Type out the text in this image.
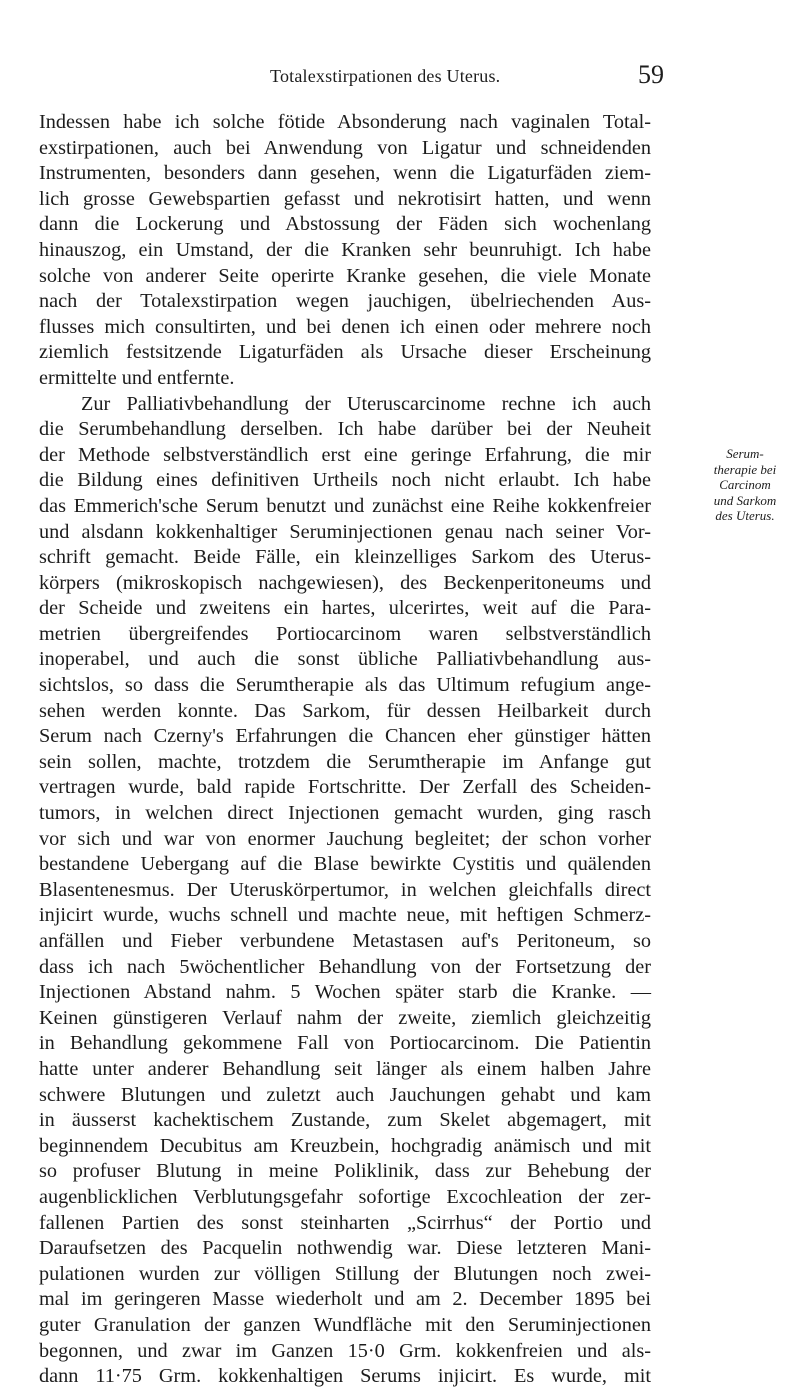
Totalexstirpationen des Uterus.	59
Indessen habe ich solche fötide Absonderung nach vaginalen Total-
exstirpationen, auch bei Anwendung von Ligatur und schneidenden
Instrumenten, besonders dann gesehen, wenn die Ligaturfäden ziem-
lich grosse Gewebspartien gefasst und nekrotisirt hatten, und wenn
dann die Lockerung und Abstossung der Fäden sich wochenlang
hinauszog, ein Umstand, der die Kranken sehr beunruhigt. Ich habe
solche von anderer Seite operirte Kranke gesehen, die viele Monate
nach der Totalexstirpation wegen jauchigen, übelriechenden Aus-
flusses mich consultirten, und bei denen ich einen oder mehrere noch
ziemlich festsitzende Ligaturfäden als Ursache dieser Erscheinung
ermittelte und entfernte.
Zur Palliativbehandlung der Uteruscarcinome rechne ich auch
die Serumbehandlung derselben. Ich habe darüber bei der Neuheit
der Methode selbstverständlich erst eine geringe Erfahrung, die mir
die Bildung eines definitiven Urtheils noch nicht erlaubt. Ich habe
das Emmerich'sche Serum benutzt und zunächst eine Reihe kokkenfreier
und alsdann kokkenhaltiger Seruminjectionen genau nach seiner Vor-
schrift gemacht. Beide Fälle, ein kleinzelliges Sarkom des Uterus-
körpers (mikroskopisch nachgewiesen), des Beckenperitoneums und
der Scheide und zweitens ein hartes, ulcerirtes, weit auf die Para-
metrien übergreifendes Portiocarcinom waren selbstverständlich
inoperabel, und auch die sonst übliche Palliativbehandlung aus-
sichtslos, so dass die Serumtherapie als das Ultimum refugium ange-
sehen werden konnte. Das Sarkom, für dessen Heilbarkeit durch
Serum nach Czerny's Erfahrungen die Chancen eher günstiger hätten
sein sollen, machte, trotzdem die Serumtherapie im Anfange gut
vertragen wurde, bald rapide Fortschritte. Der Zerfall des Scheiden-
tumors, in welchen direct Injectionen gemacht wurden, ging rasch
vor sich und war von enormer Jauchung begleitet; der schon vorher
bestandene Uebergang auf die Blase bewirkte Cystitis und quälenden
Blasentenesmus. Der Uteruskörpertumor, in welchen gleichfalls direct
injicirt wurde, wuchs schnell und machte neue, mit heftigen Schmerz-
anfällen und Fieber verbundene Metastasen auf's Peritoneum, so
dass ich nach 5wöchentlicher Behandlung von der Fortsetzung der
Injectionen Abstand nahm. 5 Wochen später starb die Kranke. —
Keinen günstigeren Verlauf nahm der zweite, ziemlich gleichzeitig
in Behandlung gekommene Fall von Portiocarcinom. Die Patientin
hatte unter anderer Behandlung seit länger als einem halben Jahre
schwere Blutungen und zuletzt auch Jauchungen gehabt und kam
in äusserst kachektischem Zustande, zum Skelet abgemagert, mit
beginnendem Decubitus am Kreuzbein, hochgradig anämisch und mit
so profuser Blutung in meine Poliklinik, dass zur Behebung der
augenblicklichen Verblutungsgefahr sofortige Excochleation der zer-
fallenen Partien des sonst steinharten „Scirrhus“ der Portio und
Daraufsetzen des Pacquelin nothwendig war. Diese letzteren Mani-
pulationen wurden zur völligen Stillung der Blutungen noch zwei-
mal im geringeren Masse wiederholt und am 2. December 1895 bei
guter Granulation der ganzen Wundfläche mit den Seruminjectionen
begonnen, und zwar im Ganzen 15·0 Grm. kokkenfreien und als-
dann 11·75 Grm. kokkenhaltigen Serums injicirt. Es wurde, mit
Serum-
therapie bei
Carcinom
und Sarkom
des Uterus.
